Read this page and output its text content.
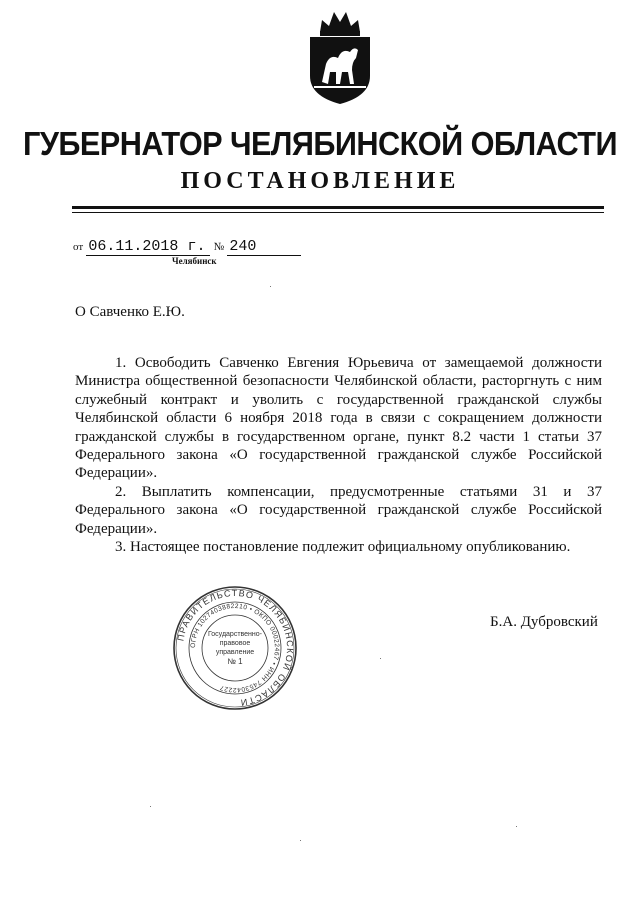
ГУБЕРНАТОР ЧЕЛЯБИНСКОЙ ОБЛАСТИ
ПОСТАНОВЛЕНИЕ
от 06.11.2018 г. № 240
Челябинск
О Савченко Е.Ю.

1. Освободить Савченко Евгения Юрьевича от замещаемой должности Министра общественной безопасности Челябинской области, расторгнуть с ним служебный контракт и уволить с государственной гражданской службы Челябинской области 6 ноября 2018 года в связи с сокращением должности гражданской службы в государственном органе, пункт 8.2 части 1 статьи 37 Федерального закона «О государственной гражданской службе Российской Федерации».

2. Выплатить компенсации, предусмотренные статьями 31 и 37 Федерального закона «О государственной гражданской службе Российской Федерации».

3. Настоящее постановление подлежит официальному опубликованию.

ПРАВИТЕЛЬСТВО ЧЕЛЯБИНСКОЙ ОБЛАСТИ
ОГРН 1027403882210 • ОКПО 00022467 • ИНН 7453042227
Государственно-
правовое
управление
№ 1
Б.А. Дубровский
